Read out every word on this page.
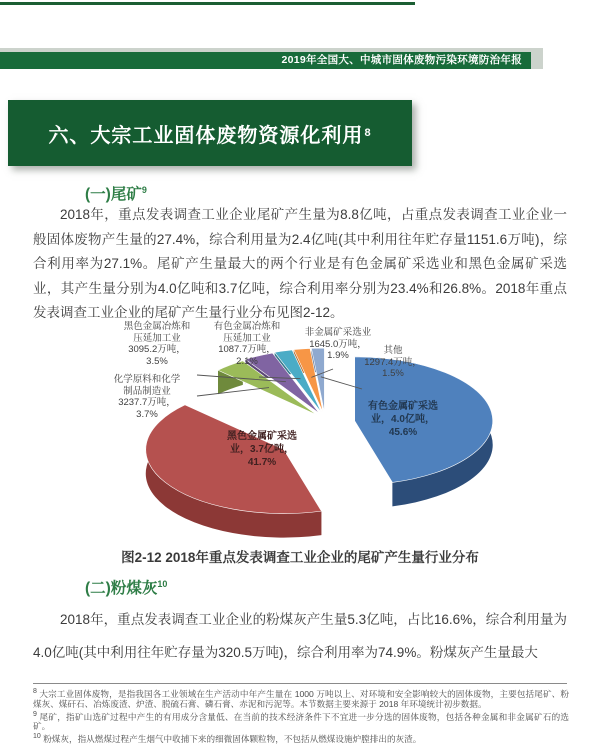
2019年全国大、中城市固体废物污染环境防治年报
六、大宗工业固体废物资源化利用 8
(一)尾矿$^9$

2018年，重点发表调查工业企业尾矿产生量为8.8亿吨，占重点发表调查工业企业一般固体废物产生量的27.4%，综合利用量为2.4亿吨(其中利用往年贮存量1151.6万吨)，综合利用率为27.1%。尾矿产生量最大的两个行业是有色金属矿采选业和黑色金属矿采选业，其产生量分别为4.0亿吨和3.7亿吨，综合利用率分别为23.4%和26.8%。2018年重点发表调查工业企业的尾矿产生量行业分布见图2-12。

化学原料和化学
制品制造业
3237.7万吨，
3.7%
黑色金属冶炼和
压延加工业
3095.2万吨，
3.5%
有色金属冶炼和
压延加工业
1087.7万吨，
2.1%
非金属矿采选业
1645.0万吨，
1.9%	其他
1297.4万吨，
1.5%
有色金属矿采选
业，4.0亿吨，
45.6%
黑色金属矿采选
业，3.7亿吨，
41.7%
图2-12 2018年重点发表调查工业企业的尾矿产生量行业分布
(二)粉煤灰$^{10}$

2018年，重点发表调查工业企业的粉煤灰产生量5.3亿吨，占比16.6%，综合利用量为4.0亿吨(其中利用往年贮存量为320.5万吨)，综合利用率为74.9%。粉煤灰产生量最大

$^8$ 大宗工业固体废物，是指我国各工业领域在生产活动中年产生量在 1000 万吨以上、对环境和安全影响较大的固体废物，主要包括尾矿、粉煤灰、煤矸石、冶炼废渣、炉渣、脱硫石膏、磷石膏、赤泥和污泥等。本节数据主要来源于 2018 年环境统计初步数据。
$^9$ 尾矿，指矿山选矿过程中产生的有用成分含量低、在当前的技术经济条件下不宜进一步分选的固体废物，包括各种金属和非金属矿石的选矿。
$^{10}$ 粉煤灰，指从燃煤过程产生烟气中收捕下来的细微固体颗粒物，不包括从燃煤设施炉膛排出的灰渣。
